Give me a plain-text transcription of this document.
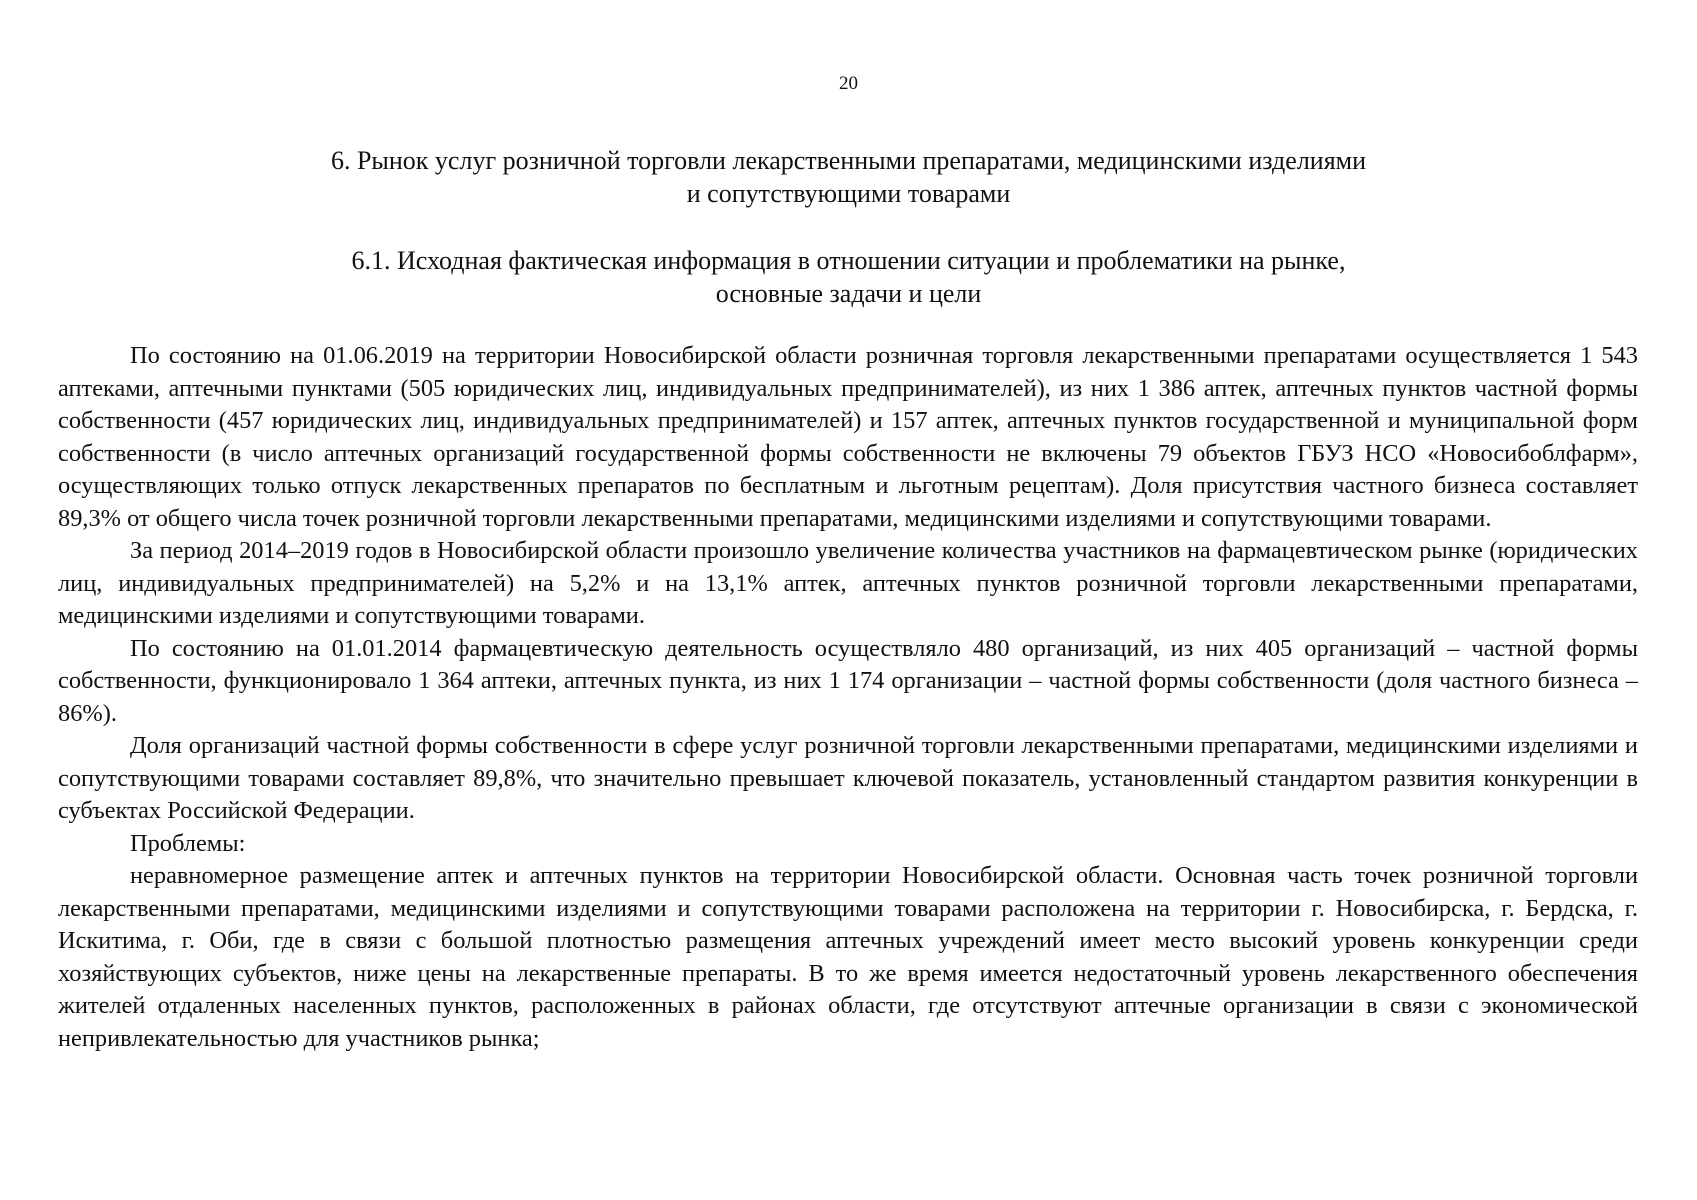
20
6. Рынок услуг розничной торговли лекарственными препаратами, медицинскими изделиями
и сопутствующими товарами
6.1. Исходная фактическая информация в отношении ситуации и проблематики на рынке,
основные задачи и цели

По состоянию на 01.06.2019 на территории Новосибирской области розничная торговля лекарственными препаратами осуществляется 1 543 аптеками, аптечными пунктами (505 юридических лиц, индивидуальных предпринимателей), из них 1 386 аптек, аптечных пунктов частной формы собственности (457 юридических лиц, индивидуальных предпринимателей) и 157 аптек, аптечных пунктов государственной и муниципальной форм собственности (в число аптечных организаций государственной формы собственности не включены 79 объектов ГБУЗ НСО «Новосибоблфарм», осуществляющих только отпуск лекарственных препаратов по бесплатным и льготным рецептам). Доля присутствия частного бизнеса составляет 89,3% от общего числа точек розничной торговли лекарственными препаратами, медицинскими изделиями и сопутствующими товарами.

За период 2014–2019 годов в Новосибирской области произошло увеличение количества участников на фармацевтическом рынке (юридических лиц, индивидуальных предпринимателей) на 5,2% и на 13,1% аптек, аптечных пунктов розничной торговли лекарственными препаратами, медицинскими изделиями и сопутствующими товарами.

По состоянию на 01.01.2014 фармацевтическую деятельность осуществляло 480 организаций, из них 405 организаций – частной формы собственности, функционировало 1 364 аптеки, аптечных пункта, из них 1 174 организации – частной формы собственности (доля частного бизнеса – 86%).

Доля организаций частной формы собственности в сфере услуг розничной торговли лекарственными препаратами, медицинскими изделиями и сопутствующими товарами составляет 89,8%, что значительно превышает ключевой показатель, установленный стандартом развития конкуренции в субъектах Российской Федерации.

Проблемы:

неравномерное размещение аптек и аптечных пунктов на территории Новосибирской области. Основная часть точек розничной торговли лекарственными препаратами, медицинскими изделиями и сопутствующими товарами расположена на территории г. Новосибирска, г. Бердска, г. Искитима, г. Оби, где в связи с большой плотностью размещения аптечных учреждений имеет место высокий уровень конкуренции среди хозяйствующих субъектов, ниже цены на лекарственные препараты. В то же время имеется недостаточный уровень лекарственного обеспечения жителей отдаленных населенных пунктов, расположенных в районах области, где отсутствуют аптечные организации в связи с экономической непривлекательностью для участников рынка;
